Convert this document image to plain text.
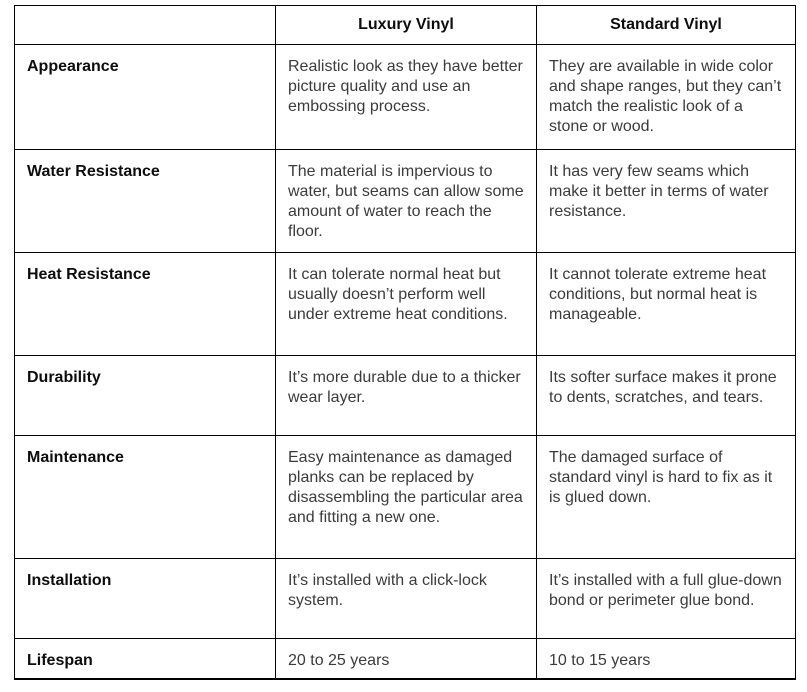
	Luxury Vinyl	Standard Vinyl
Appearance	Realistic look as they have better picture quality and use an embossing process.	They are available in wide color and shape ranges, but they can’t match the realistic look of a stone or wood.
Water Resistance	The material is impervious to water, but seams can allow some amount of water to reach the floor.	It has very few seams which make it better in terms of water resistance.
Heat Resistance	It can tolerate normal heat but usually doesn’t perform well under extreme heat conditions.	It cannot tolerate extreme heat conditions, but normal heat is manageable.
Durability	It’s more durable due to a thicker wear layer.	Its softer surface makes it prone to dents, scratches, and tears.
Maintenance	Easy maintenance as damaged planks can be replaced by disassembling the particular area and fitting a new one.	The damaged surface of standard vinyl is hard to fix as it is glued down.
Installation	It’s installed with a click-lock system.	It’s installed with a full glue-down bond or perimeter glue bond.
Lifespan	20 to 25 years	10 to 15 years
